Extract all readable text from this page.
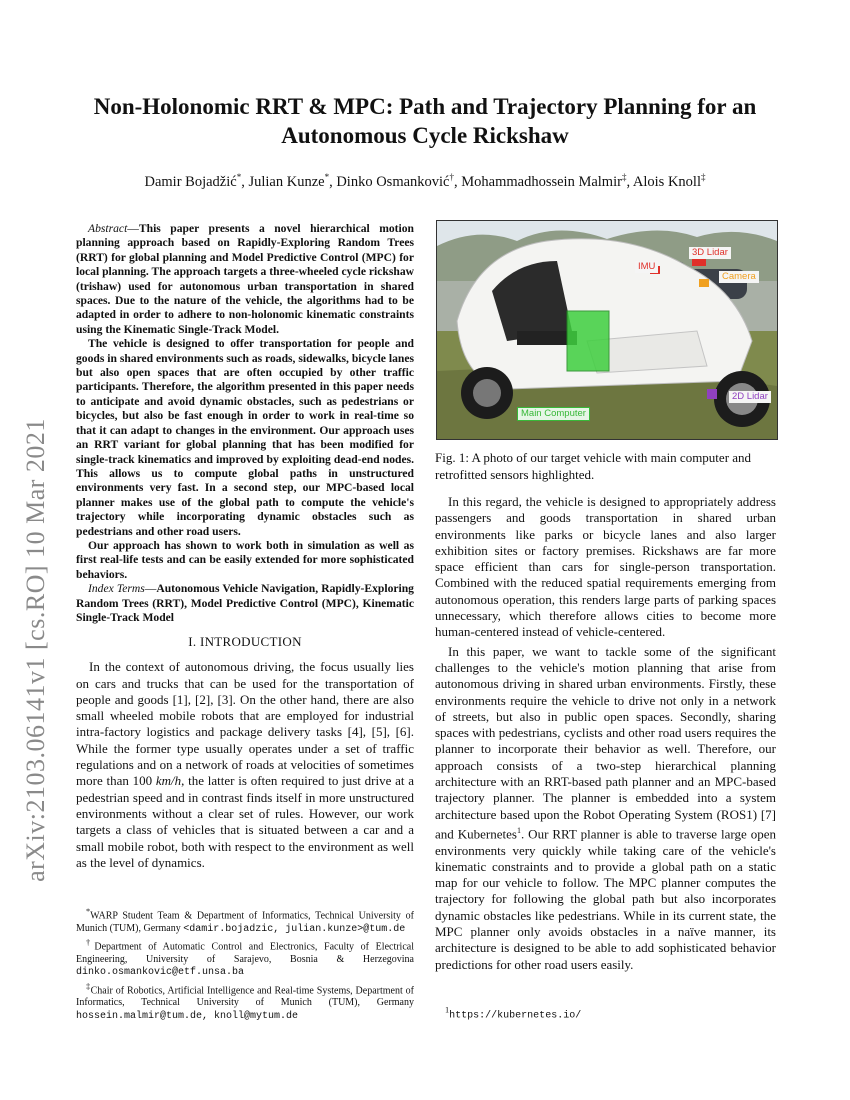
arXiv:2103.06141v1 [cs.RO] 10 Mar 2021
Non-Holonomic RRT & MPC: Path and Trajectory Planning for an Autonomous Cycle Rickshaw
Damir Bojadžić*, Julian Kunze*, Dinko Osmanković†, Mohammadhossein Malmir‡, Alois Knoll‡
Abstract—This paper presents a novel hierarchical motion planning approach based on Rapidly-Exploring Random Trees (RRT) for global planning and Model Predictive Control (MPC) for local planning. The approach targets a three-wheeled cycle rickshaw (trishaw) used for autonomous urban transportation in shared spaces. Due to the nature of the vehicle, the algorithms had to be adapted in order to adhere to non-holonomic kinematic constraints using the Kinematic Single-Track Model.
The vehicle is designed to offer transportation for people and goods in shared environments such as roads, sidewalks, bicycle lanes but also open spaces that are often occupied by other traffic participants. Therefore, the algorithm presented in this paper needs to anticipate and avoid dynamic obstacles, such as pedestrians or bicycles, but also be fast enough in order to work in real-time so that it can adapt to changes in the environment. Our approach uses an RRT variant for global planning that has been modified for single-track kinematics and improved by exploiting dead-end nodes. This allows us to compute global paths in unstructured environments very fast. In a second step, our MPC-based local planner makes use of the global path to compute the vehicle's trajectory while incorporating dynamic obstacles such as pedestrians and other road users.
Our approach has shown to work both in simulation as well as first real-life tests and can be easily extended for more sophisticated behaviors.
Index Terms—Autonomous Vehicle Navigation, Rapidly-Exploring Random Trees (RRT), Model Predictive Control (MPC), Kinematic Single-Track Model

I. INTRODUCTION

In the context of autonomous driving, the focus usually lies on cars and trucks that can be used for the transportation of people and goods [1], [2], [3]. On the other hand, there are also small wheeled mobile robots that are employed for industrial intra-factory logistics and package delivery tasks [4], [5], [6]. While the former type usually operates under a set of traffic regulations and on a network of roads at velocities of sometimes more than 100 km/h, the latter is often required to just drive at a pedestrian speed and in contrast finds itself in more unstructured environments without a clear set of rules. However, our work targets a class of vehicles that is situated between a car and a small mobile robot, both with respect to the environment as well as the level of dynamics.

*WARP Student Team & Department of Informatics, Technical University of Munich (TUM), Germany <damir.bojadzic, julian.kunze>@tum.de
†Department of Automatic Control and Electronics, Faculty of Electrical Engineering, University of Sarajevo, Bosnia & Herzegovina dinko.osmankovic@etf.unsa.ba
‡Chair of Robotics, Artificial Intelligence and Real-time Systems, Department of Informatics, Technical University of Munich (TUM), Germany hossein.malmir@tum.de, knoll@mytum.de
3D Lidar
IMU
Camera
2D Lidar
Main Computer
Fig. 1: A photo of our target vehicle with main computer and retrofitted sensors highlighted.

In this regard, the vehicle is designed to appropriately address passengers and goods transportation in shared urban environments like parks or bicycle lanes and also larger exhibition sites or factory premises. Rickshaws are far more space efficient than cars for single-person transportation. Combined with the reduced spatial requirements emerging from autonomous operation, this renders large parts of parking spaces unnecessary, which therefore allows cities to become more human-centered instead of vehicle-centered.

In this paper, we want to tackle some of the significant challenges to the vehicle's motion planning that arise from autonomous driving in shared urban environments. Firstly, these environments require the vehicle to drive not only in a network of streets, but also in public open spaces. Secondly, sharing spaces with pedestrians, cyclists and other road users requires the planner to incorporate their behavior as well. Therefore, our approach consists of a two-step hierarchical planning architecture with an RRT-based path planner and an MPC-based trajectory planner. The planner is embedded into a system architecture based upon the Robot Operating System (ROS1) [7] and Kubernetes$^1$. Our RRT planner is able to traverse large open environments very quickly while taking care of the vehicle's kinematic constraints and to provide a global path on a static map for our vehicle to follow. The MPC planner computes the trajectory for following the global path but also incorporates dynamic obstacles like pedestrians. While in its current state, the MPC planner only avoids obstacles in a naïve manner, its architecture is designed to be able to add sophisticated behavior predictions for other road users easily.

$^1$https://kubernetes.io/
